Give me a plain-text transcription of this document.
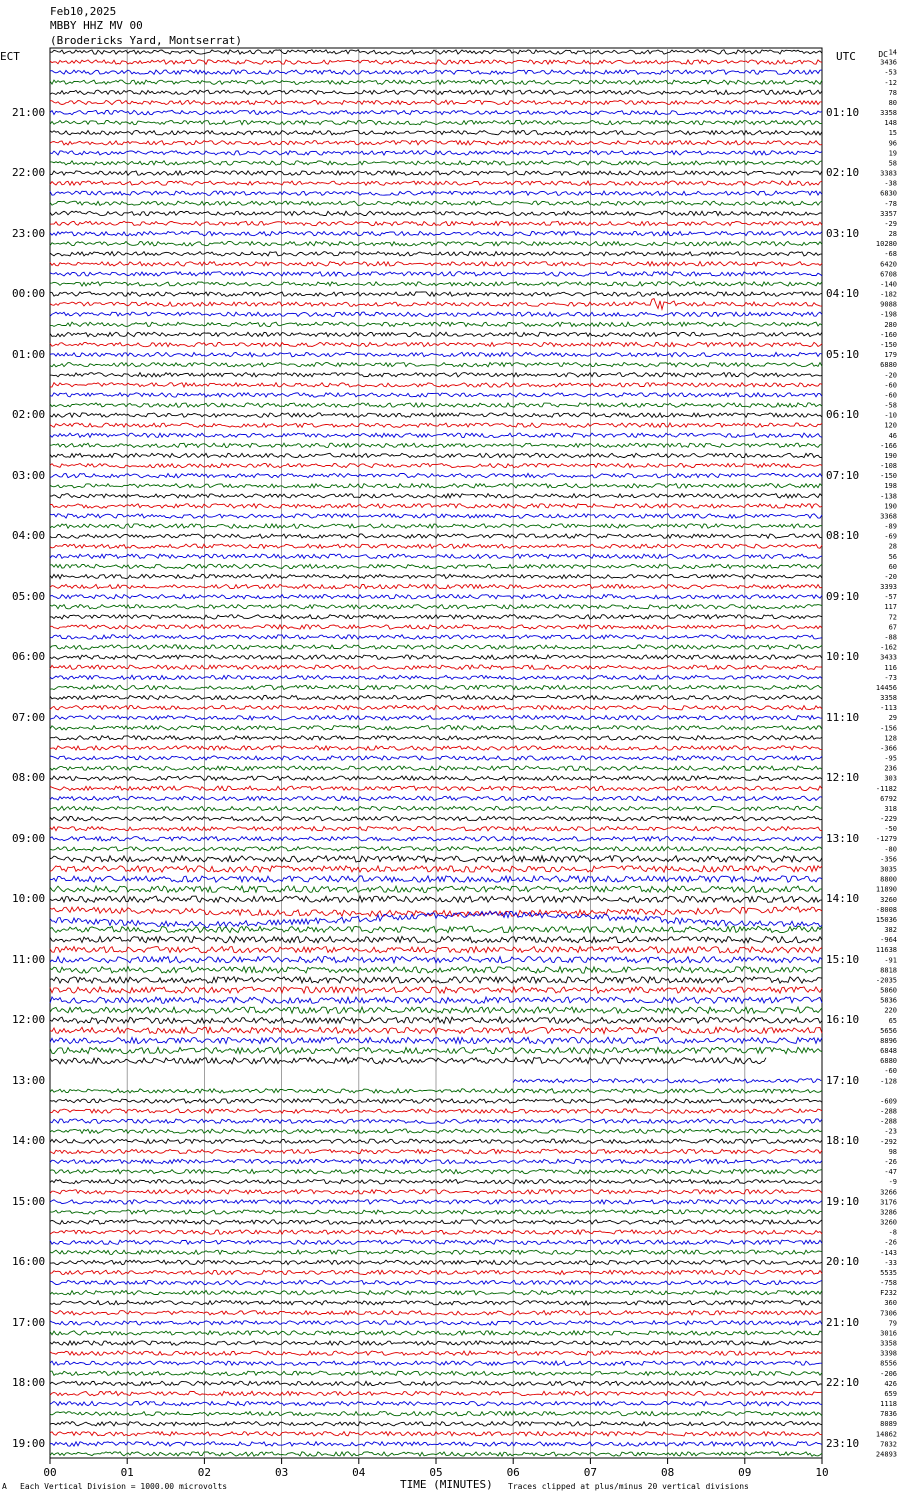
Feb10,2025
MBBY HHZ MV 00
(Brodericks Yard, Montserrat)
ECT	UTC	DC 14
3436
-53
-12
78
80
3358
148
15
96
19
58
3383
-38
6830
-78
3357
-29
28
10280
-68
6420
6708
-140
-182
9088
-198
280
-160
-150
179
6880
-20
-60
-60
-58
-10
120
46
-166
190
-108
-150
198
-138
190
3368
-89
-69
28
56
60
-20
3393
-57
117
72
67
-88
-162
3433
116
-73
14456
3358
-113
29
-156
128
-366
-95
236
303
-1182
6792
318
-229
-50
-1279
-80
-356
3035
8800
11890
3260
-8008
15036
382
-964
11638
-91
8818
-2035
5860
5836
220
65
5656
8896
6848
6880
-60
-128
-609
-288
-288
-23
-292
98
-26
-47
-9
3266
3176
3286
3260
-8
-26
-143
-33
5535
-758
F232
360
7306
79
3016
3358
3398
8556
-206
426
659
1118
7836
8089
14862
7832
24893
00	01	02	03	04	05	06	07	08	09	10
21:00
22:00
23:00
00:00
01:00
02:00
03:00
04:00
05:00
06:00
07:00
08:00
09:00
10:00
11:00
12:00
13:00
14:00
15:00
16:00
17:00
18:00
19:00
01:10
02:10
03:10
04:10
05:10
06:10
07:10
08:10
09:10
10:10
11:10
12:10
13:10
14:10
15:10
16:10
17:10
18:10
19:10
20:10
21:10
22:10
23:10
TIME (MINUTES)
A Each Vertical Division = 1000.00 microvolts	Traces clipped at plus/minus 20 vertical divisions
